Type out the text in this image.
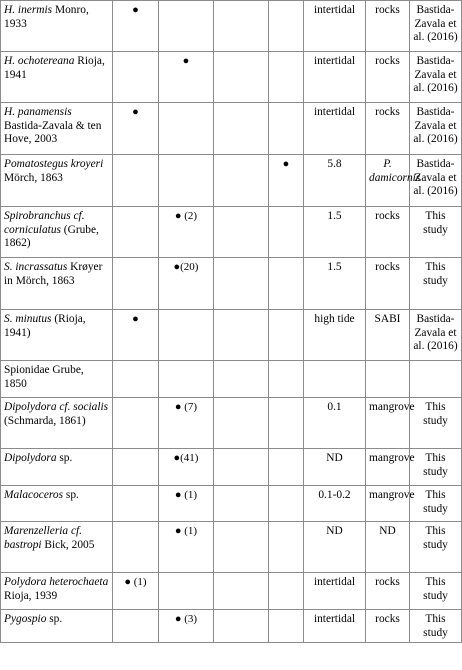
H. inermis Monro, 1933	●				intertidal	rocks	Bastida-Zavala et al. (2016)
H. ochotereana Rioja, 1941		●			intertidal	rocks	Bastida-Zavala et al. (2016)
H. panamensis Bastida-Zavala & ten Hove, 2003	●				intertidal	rocks	Bastida-Zavala et al. (2016)
Pomatostegus kroyeri Mörch, 1863				●	5.8	P. damicornis	Bastida-Zavala et al. (2016)
Spirobranchus cf. corniculatus (Grube, 1862)		● (2)			1.5	rocks	This study
S. incrassatus Krøyer in Mörch, 1863		●(20)			1.5	rocks	This study
S. minutus (Rioja, 1941)	●				high tide	SABI	Bastida-Zavala et al. (2016)
Spionidae Grube, 1850							
Dipolydora cf. socialis (Schmarda, 1861)		● (7)			0.1	mangrove	This study
Dipolydora sp.		●(41)			ND	mangrove	This study
Malacoceros sp.		● (1)			0.1-0.2	mangrove	This study
Marenzelleria cf. bastropi Bick, 2005		● (1)			ND	ND	This study
Polydora heterochaeta Rioja, 1939	● (1)				intertidal	rocks	This study
Pygospio sp.		● (3)			intertidal	rocks	This study
